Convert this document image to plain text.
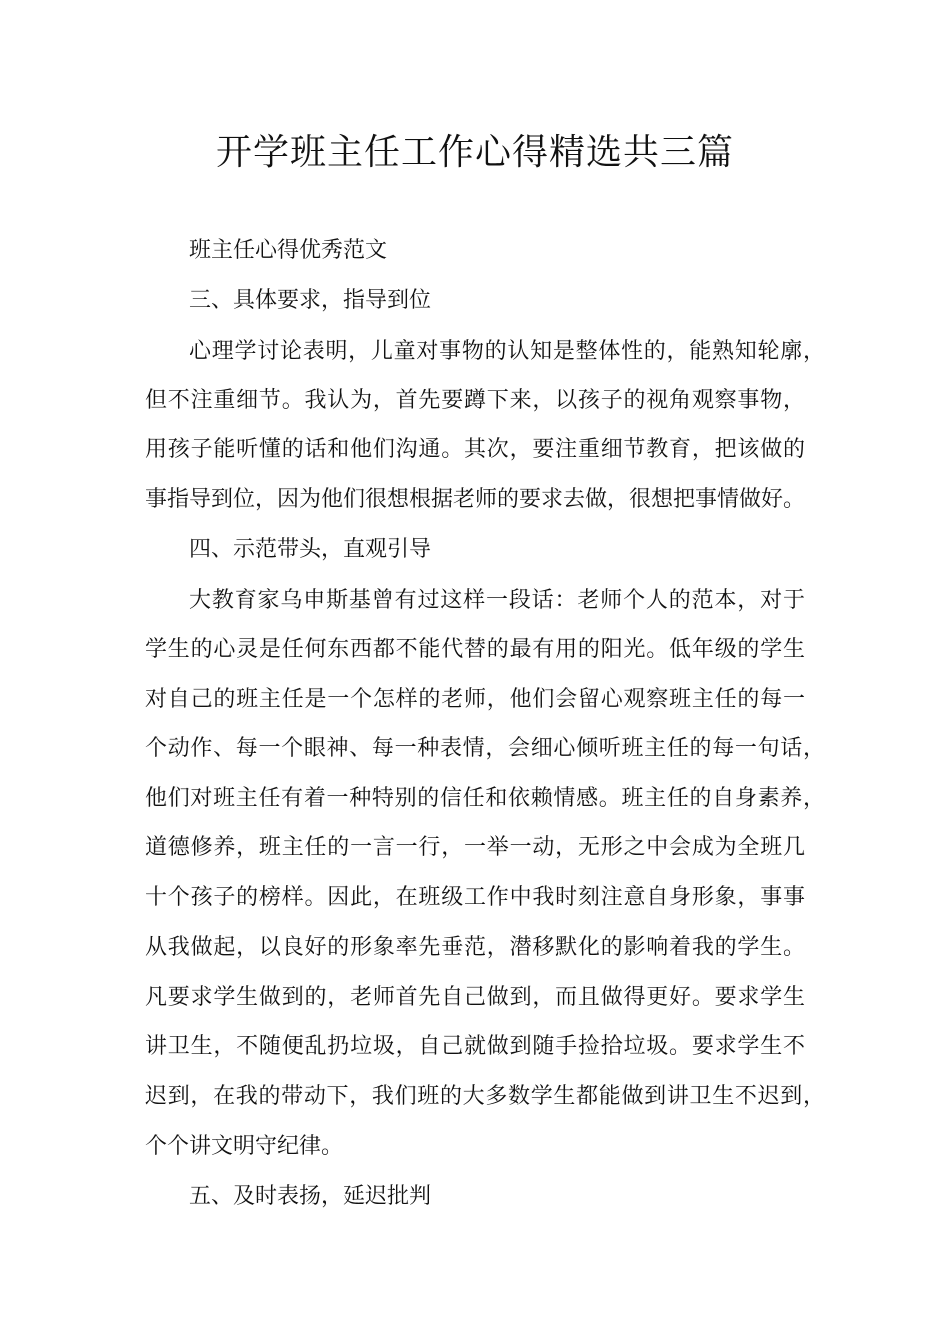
开学班主任工作心得精选共三篇

班主任心得优秀范文

三、具体要求，指导到位

心理学讨论表明，儿童对事物的认知是整体性的，能熟知轮廓，

但不注重细节。我认为，首先要蹲下来，以孩子的视角观察事物，

用孩子能听懂的话和他们沟通。其次，要注重细节教育，把该做的

事指导到位，因为他们很想根据老师的要求去做，很想把事情做好。

四、示范带头，直观引导

大教育家乌申斯基曾有过这样一段话：老师个人的范本，对于

学生的心灵是任何东西都不能代替的最有用的阳光。低年级的学生

对自己的班主任是一个怎样的老师，他们会留心观察班主任的每一

个动作、每一个眼神、每一种表情，会细心倾听班主任的每一句话，

他们对班主任有着一种特别的信任和依赖情感。班主任的自身素养，

道德修养，班主任的一言一行，一举一动，无形之中会成为全班几

十个孩子的榜样。因此，在班级工作中我时刻注意自身形象，事事

从我做起，以良好的形象率先垂范，潜移默化的影响着我的学生。

凡要求学生做到的，老师首先自己做到，而且做得更好。要求学生

讲卫生，不随便乱扔垃圾，自己就做到随手捡拾垃圾。要求学生不

迟到，在我的带动下，我们班的大多数学生都能做到讲卫生不迟到，

个个讲文明守纪律。

五、及时表扬，延迟批判
